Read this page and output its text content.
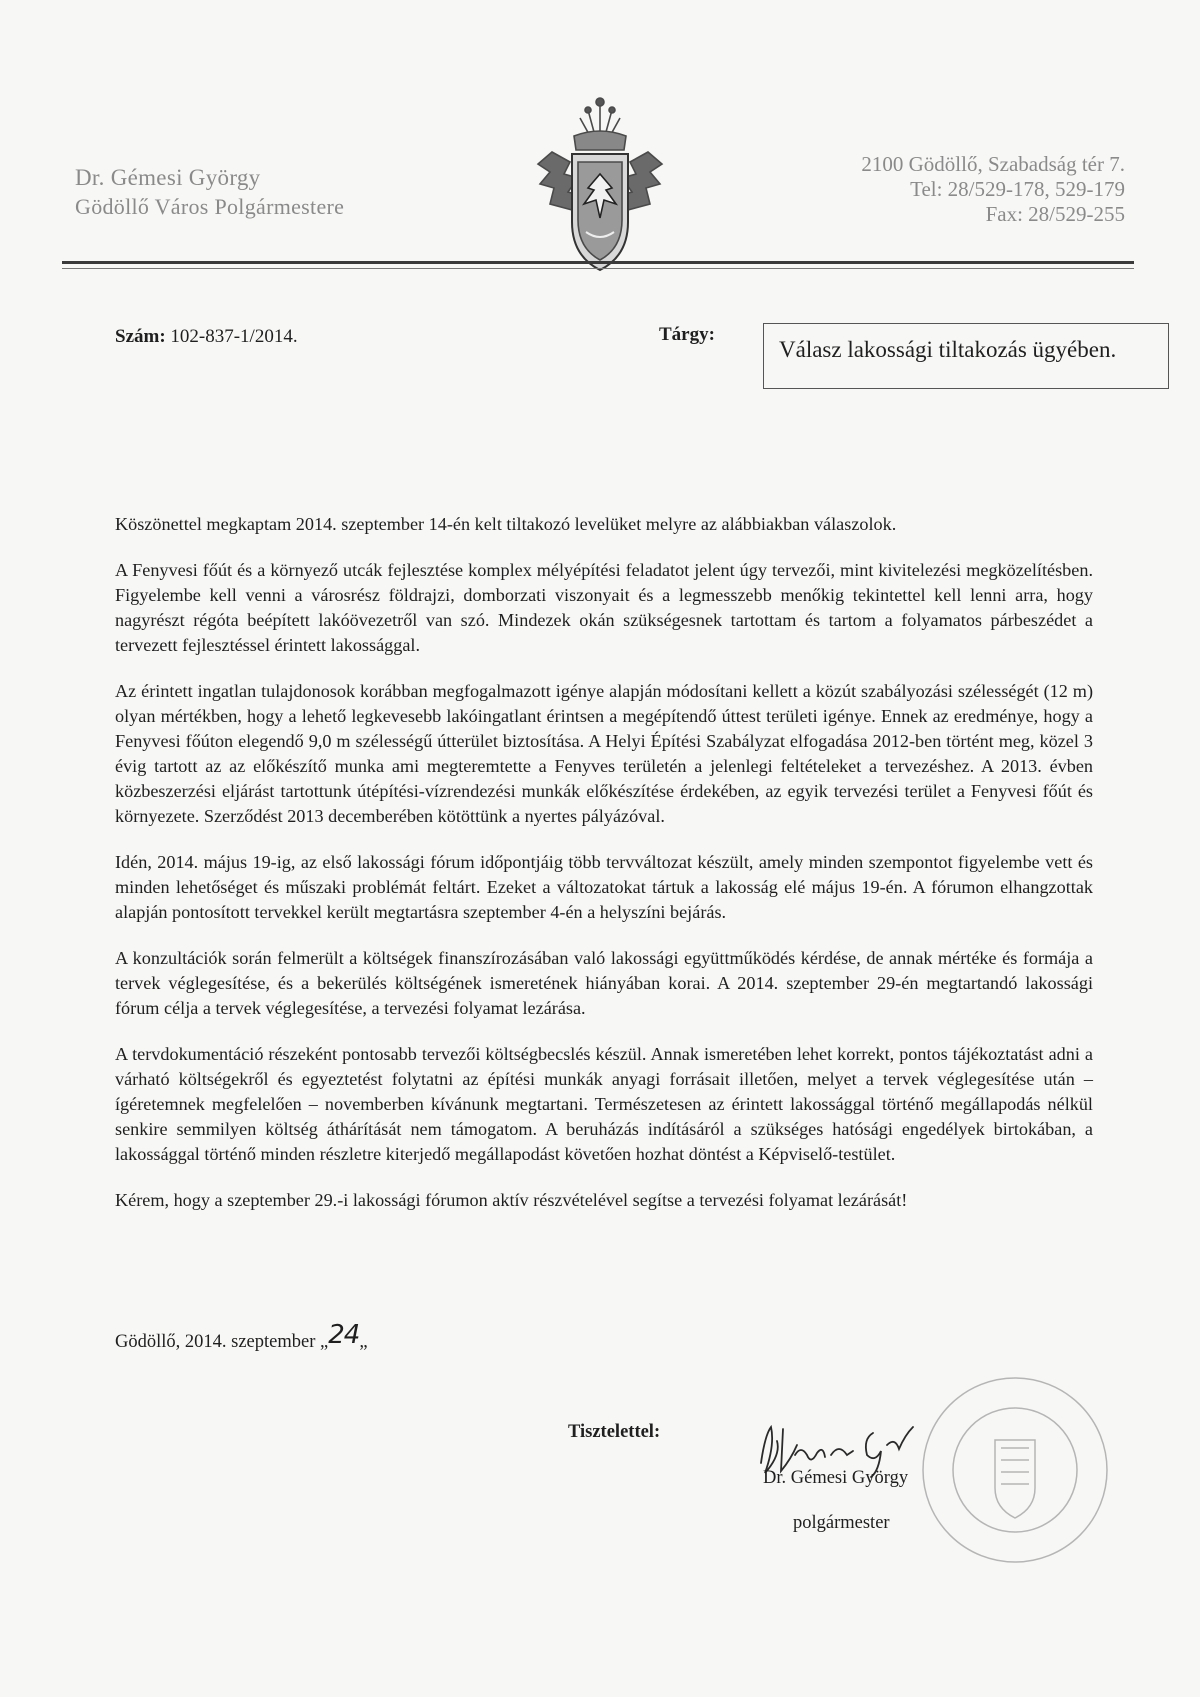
Dr. Gémesi György
Gödöllő Város Polgármestere
2100 Gödöllő, Szabadság tér 7.
Tel: 28/529-178, 529-179
Fax: 28/529-255
Szám: 102-837-1/2014.	Tárgy:
Válasz lakossági tiltakozás ügyében.

Köszönettel megkaptam 2014. szeptember 14-én kelt tiltakozó levelüket melyre az alábbiakban válaszolok.

A Fenyvesi főút és a környező utcák fejlesztése komplex mélyépítési feladatot jelent úgy tervezői, mint kivitelezési megközelítésben. Figyelembe kell venni a városrész földrajzi, domborzati viszonyait és a legmesszebb menőkig tekintettel kell lenni arra, hogy nagyrészt régóta beépített lakóövezetről van szó. Mindezek okán szükségesnek tartottam és tartom a folyamatos párbeszédet a tervezett fejlesztéssel érintett lakossággal.

Az érintett ingatlan tulajdonosok korábban megfogalmazott igénye alapján módosítani kellett a közút szabályozási szélességét (12 m) olyan mértékben, hogy a lehető legkevesebb lakóingatlant érintsen a megépítendő úttest területi igénye. Ennek az eredménye, hogy a Fenyvesi főúton elegendő 9,0 m szélességű útterület biztosítása. A Helyi Építési Szabályzat elfogadása 2012-ben történt meg, közel 3 évig tartott az az előkészítő munka ami megteremtette a Fenyves területén a jelenlegi feltételeket a tervezéshez. A 2013. évben közbeszerzési eljárást tartottunk útépítési-vízrendezési munkák előkészítése érdekében, az egyik tervezési terület a Fenyvesi főút és környezete. Szerződést 2013 decemberében kötöttünk a nyertes pályázóval.

Idén, 2014. május 19-ig, az első lakossági fórum időpontjáig több tervváltozat készült, amely minden szempontot figyelembe vett és minden lehetőséget és műszaki problémát feltárt. Ezeket a változatokat tártuk a lakosság elé május 19-én. A fórumon elhangzottak alapján pontosított tervekkel került megtartásra szeptember 4-én a helyszíni bejárás.

A konzultációk során felmerült a költségek finanszírozásában való lakossági együttműködés kérdése, de annak mértéke és formája a tervek véglegesítése, és a bekerülés költségének ismeretének hiányában korai. A 2014. szeptember 29-én megtartandó lakossági fórum célja a tervek véglegesítése, a tervezési folyamat lezárása.

A tervdokumentáció részeként pontosabb tervezői költségbecslés készül. Annak ismeretében lehet korrekt, pontos tájékoztatást adni a várható költségekről és egyeztetést folytatni az építési munkák anyagi forrásait illetően, melyet a tervek véglegesítése után – ígéretemnek megfelelően – novemberben kívánunk megtartani. Természetesen az érintett lakossággal történő megállapodás nélkül senkire semmilyen költség áthárítását nem támogatom. A beruházás indításáról a szükséges hatósági engedélyek birtokában, a lakossággal történő minden részletre kiterjedő megállapodást követően hozhat döntést a Képviselő-testület.

Kérem, hogy a szeptember 29.-i lakossági fórumon aktív részvételével segítse a tervezési folyamat lezárását!

Gödöllő, 2014. szeptember „24„
Tisztelettel:
Dr. Gémesi György
polgármester
